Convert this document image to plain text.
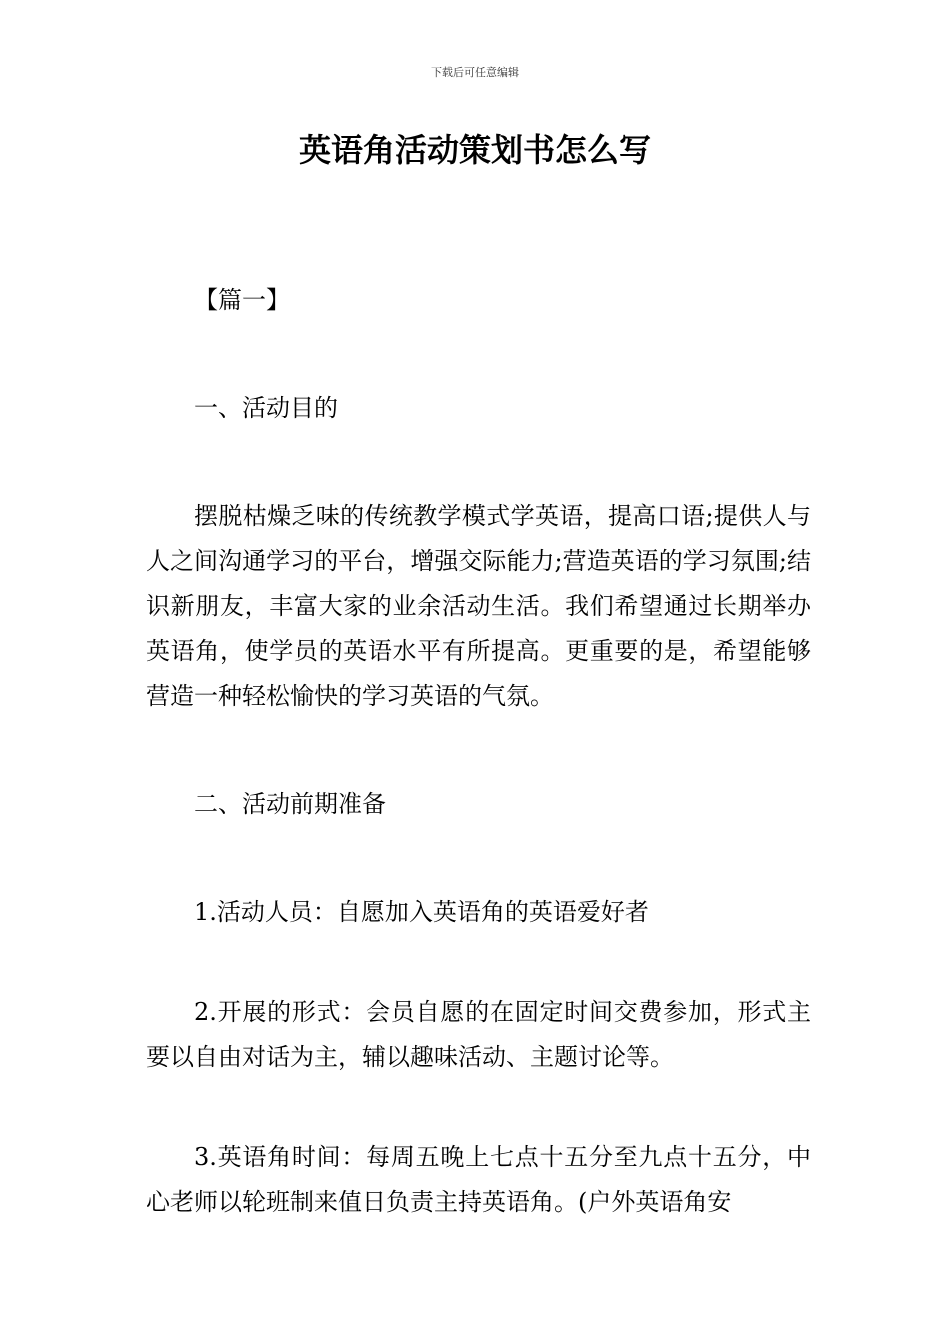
下载后可任意编辑
英语角活动策划书怎么写

【篇一】

一、活动目的

摆脱枯燥乏味的传统教学模式学英语，提高口语;提供人与人之间沟通学习的平台，增强交际能力;营造英语的学习氛围;结识新朋友，丰富大家的业余活动生活。我们希望通过长期举办英语角，使学员的英语水平有所提高。更重要的是，希望能够营造一种轻松愉快的学习英语的气氛。

二、活动前期准备

1.活动人员：自愿加入英语角的英语爱好者

2.开展的形式：会员自愿的在固定时间交费参加，形式主要以自由对话为主，辅以趣味活动、主题讨论等。

3.英语角时间：每周五晚上七点十五分至九点十五分，中心老师以轮班制来值日负责主持英语角。(户外英语角安
